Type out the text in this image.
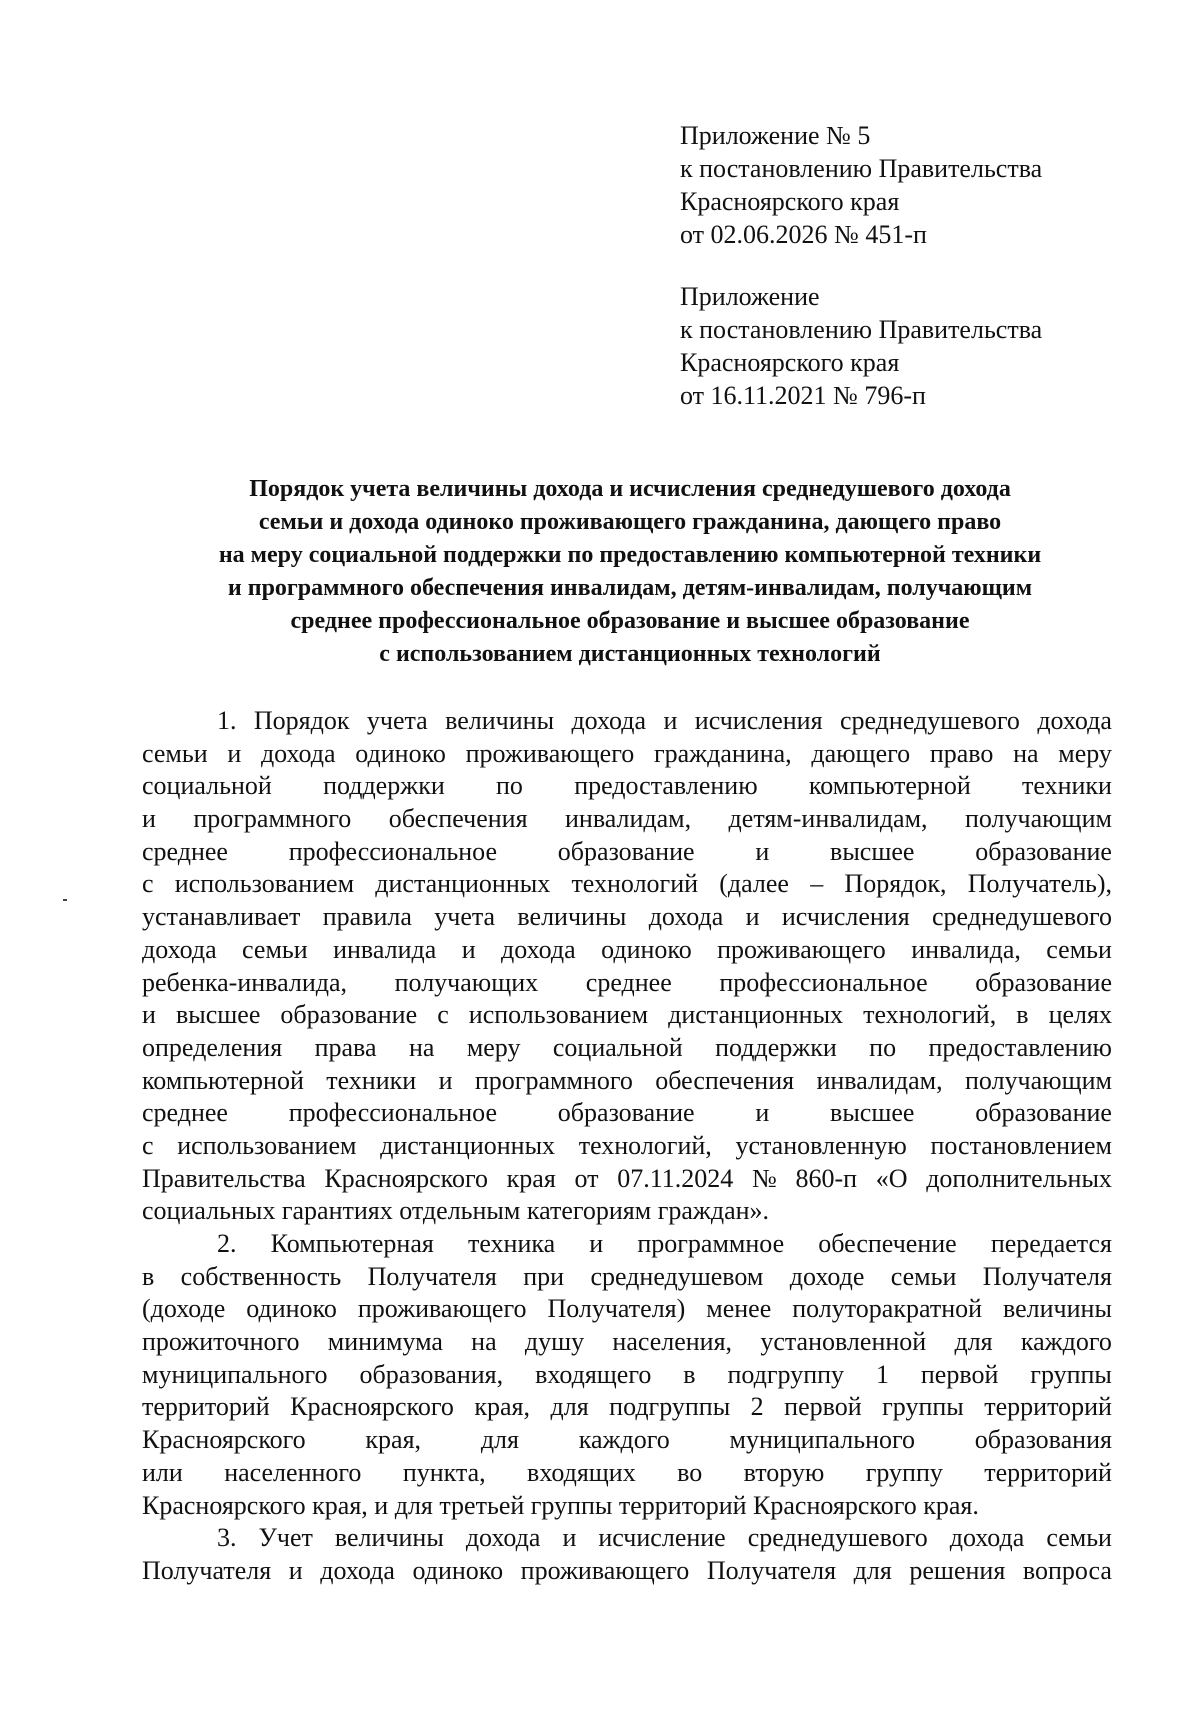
Приложение № 5
к постановлению Правительства
Красноярского края
от 02.06.2026 № 451-п
Приложение
к постановлению Правительства
Красноярского края
от 16.11.2021 № 796-п
Порядок учета величины дохода и исчисления среднедушевого дохода
семьи и дохода одиноко проживающего гражданина, дающего право
на меру социальной поддержки по предоставлению компьютерной техники
и программного обеспечения инвалидам, детям-инвалидам, получающим
среднее профессиональное образование и высшее образование
с использованием дистанционных технологий
1. Порядок учета величины дохода и исчисления среднедушевого дохода
семьи и дохода одиноко проживающего гражданина, дающего право на меру
социальной поддержки по предоставлению компьютерной техники
и программного обеспечения инвалидам, детям-инвалидам, получающим
среднее профессиональное образование и высшее образование
с использованием дистанционных технологий (далее – Порядок, Получатель),
устанавливает правила учета величины дохода и исчисления среднедушевого
дохода семьи инвалида и дохода одиноко проживающего инвалида, семьи
ребенка-инвалида, получающих среднее профессиональное образование
и высшее образование с использованием дистанционных технологий, в целях
определения права на меру социальной поддержки по предоставлению
компьютерной техники и программного обеспечения инвалидам, получающим
среднее профессиональное образование и высшее образование
с использованием дистанционных технологий, установленную постановлением
Правительства Красноярского края от 07.11.2024 № 860-п «О дополнительных
социальных гарантиях отдельным категориям граждан».
2. Компьютерная техника и программное обеспечение передается
в собственность Получателя при среднедушевом доходе семьи Получателя
(доходе одиноко проживающего Получателя) менее полуторакратной величины
прожиточного минимума на душу населения, установленной для каждого
муниципального образования, входящего в подгруппу 1 первой группы
территорий Красноярского края, для подгруппы 2 первой группы территорий
Красноярского края, для каждого муниципального образования
или населенного пункта, входящих во вторую группу территорий
Красноярского края, и для третьей группы территорий Красноярского края.
3. Учет величины дохода и исчисление среднедушевого дохода семьи
Получателя и дохода одиноко проживающего Получателя для решения вопроса
